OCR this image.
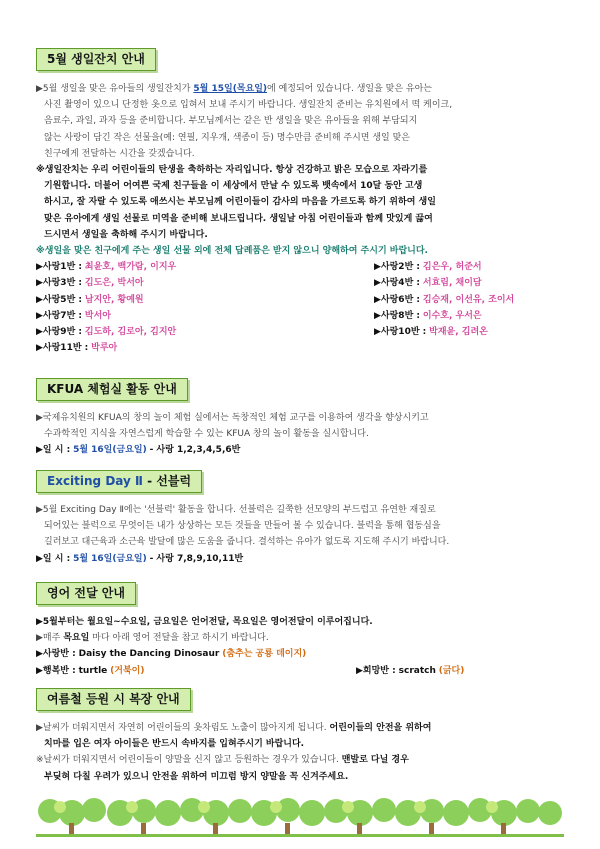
5월 생일잔치 안내

▶5월 생일을 맞은 유아들의 생일잔치가 5월 15일(목요일)에 예정되어 있습니다. 생일을 맞은 유아는

사진 촬영이 있으니 단정한 옷으로 입혀서 보내 주시기 바랍니다. 생일잔치 준비는 유치원에서 떡 케이크,

음료수, 과일, 과자 등을 준비합니다. 부모님께서는 같은 반 생일을 맞은 유아들을 위해 부담되지

않는 사랑이 담긴 작은 선물을(예: 연필, 지우개, 색종이 등) 명수만큼 준비해 주시면 생일 맞은

친구에게 전달하는 시간을 갖겠습니다.

※생일잔치는 우리 어린이들의 탄생을 축하하는 자리입니다. 항상 건강하고 밝은 모습으로 자라기를

기원합니다. 더불어 어여쁜 국제 친구들을 이 세상에서 만날 수 있도록 뱃속에서 10달 동안 고생

하시고, 잘 자랄 수 있도록 애쓰시는 부모님께 어린이들이 감사의 마음을 가르도록 하기 위하여 생일

맞은 유아에게 생일 선물로 미역을 준비해 보내드립니다. 생일날 아침 어린이들과 함께 맛있게 끓여

드시면서 생일을 축하해 주시기 바랍니다.

※생일을 맞은 친구에게 주는 생일 선물 외에 전체 답례품은 받지 않으니 양해하여 주시기 바랍니다.

▶사랑1반 : 최윤호, 백가람, 이지우	▶사랑2반 : 김은우, 허준서
▶사랑3반 : 김도은, 박서아	▶사랑4반 : 서효림, 채이담
▶사랑5반 : 남지안, 황예원	▶사랑6반 : 김승재, 이선유, 조이서
▶사랑7반 : 박서아	▶사랑8반 : 이수호, 우서은
▶사랑9반 : 김도하, 김로아, 김지안	▶사랑10반 : 박재윤, 김려온
▶사랑11반 : 박루아
KFUA 체험실 활동 안내

▶국제유치원의 KFUA의 창의 놀이 체험 실에서는 독창적인 체험 교구를 이용하여 생각을 향상시키고

수과학적인 지식을 자연스럽게 학습할 수 있는 KFUA 창의 놀이 활동을 실시합니다.

▶일 시 : 5월 16일(금요일) - 사랑 1,2,3,4,5,6반

Exciting Day Ⅱ - 선블럭

▶5월 Exciting Day Ⅱ에는 '선블럭' 활동을 합니다. 선블럭은 길쭉한 선모양의 부드럽고 유연한 재질로

되어있는 블럭으로 무엇이든 내가 상상하는 모든 것들을 만들어 볼 수 있습니다. 블럭을 통해 협동심을

길러보고 대근육과 소근육 발달에 많은 도움을 줍니다. 결석하는 유아가 없도록 지도해 주시기 바랍니다.

▶일 시 : 5월 16일(금요일) - 사랑 7,8,9,10,11반

영어 전달 안내

▶5월부터는 월요일~수요일, 금요일은 언어전달, 목요일은 영어전달이 이루어집니다.

▶매주 목요일 마다 아래 영어 전달을 참고 하시기 바랍니다.

▶사랑반 : Daisy the Dancing Dinosaur (춤추는 공룡 데이지)

▶행복반 : turtle (거북이)	▶희망반 : scratch (긁다)

여름철 등원 시 복장 안내

▶날씨가 더워지면서 자연히 어린이들의 옷차림도 노출이 많아지게 됩니다. 어린이들의 안전을 위하여

치마를 입은 여자 아이들은 반드시 속바지를 입혀주시기 바랍니다.

※날씨가 더워지면서 어린이들이 양말을 신지 않고 등원하는 경우가 있습니다. 맨발로 다닐 경우

부딪혀 다칠 우려가 있으니 안전을 위하여 미끄럼 방지 양말을 꼭 신겨주세요.
